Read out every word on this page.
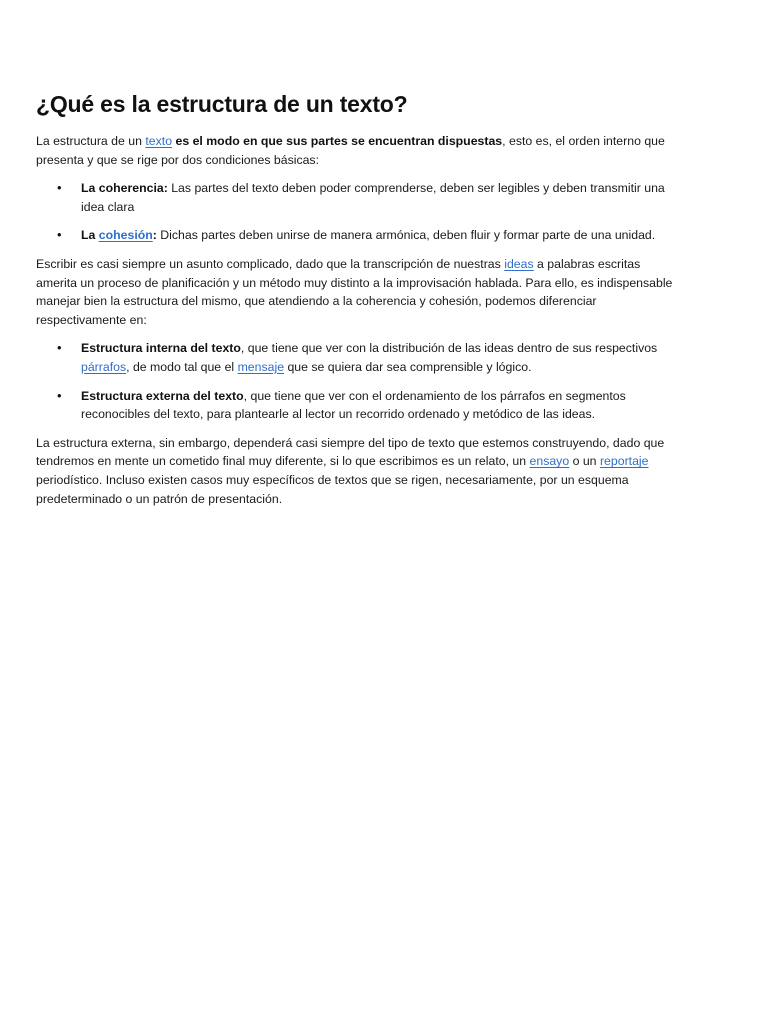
¿Qué es la estructura de un texto?

La estructura de un texto es el modo en que sus partes se encuentran dispuestas, esto es, el orden interno que presenta y que se rige por dos condiciones básicas:

• La coherencia: Las partes del texto deben poder comprenderse, deben ser legibles y deben transmitir una idea clara
• La cohesión: Dichas partes deben unirse de manera armónica, deben fluir y formar parte de una unidad.

Escribir es casi siempre un asunto complicado, dado que la transcripción de nuestras ideas a palabras escritas amerita un proceso de planificación y un método muy distinto a la improvisación hablada. Para ello, es indispensable manejar bien la estructura del mismo, que atendiendo a la coherencia y cohesión, podemos diferenciar respectivamente en:

• Estructura interna del texto, que tiene que ver con la distribución de las ideas dentro de sus respectivos párrafos, de modo tal que el mensaje que se quiera dar sea comprensible y lógico.
• Estructura externa del texto, que tiene que ver con el ordenamiento de los párrafos en segmentos reconocibles del texto, para plantearle al lector un recorrido ordenado y metódico de las ideas.

La estructura externa, sin embargo, dependerá casi siempre del tipo de texto que estemos construyendo, dado que tendremos en mente un cometido final muy diferente, si lo que escribimos es un relato, un ensayo o un reportaje periodístico. Incluso existen casos muy específicos de textos que se rigen, necesariamente, por un esquema predeterminado o un patrón de presentación.
